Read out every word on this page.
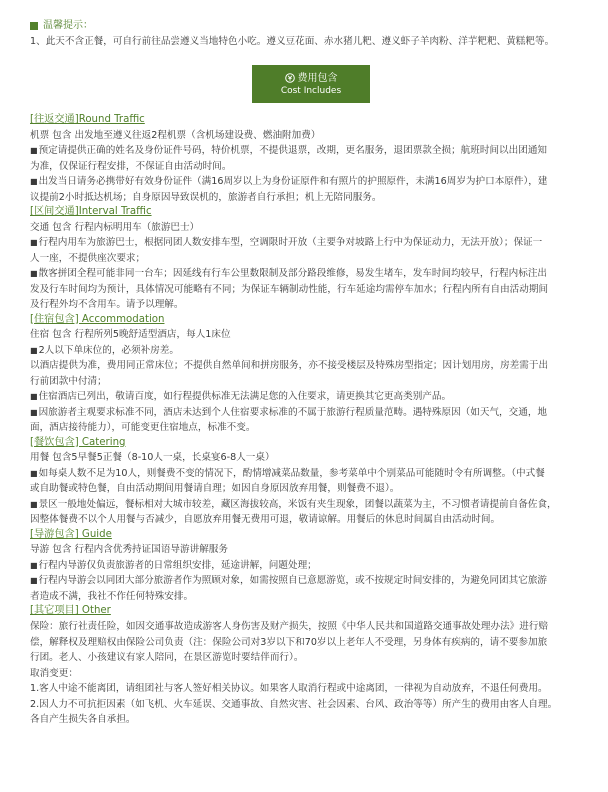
温馨提示：
1、此天不含正餐，可自行前往品尝遵义当地特色小吃。遵义豆花面、赤水猪儿粑、遵义虾子羊肉粉、洋芋粑粑、黄糕粑等。
费用包含
Cost Includes
[往返交通]Round Traffic

机票 包含 出发地至遵义往返2程机票（含机场建设费、燃油附加费）

■ 预定请提供正确的姓名及身份证件号码，特价机票，不提供退票，改期，更名服务，退团票款全损；航班时间以出团通知

为准，仅保证行程安排，不保证自由活动时间。

■ 出发当日请务必携带好有效身份证件（满16周岁以上为身份证原件和有照片的护照原件，未满16周岁为护口本原件），建

议提前2小时抵达机场；自身原因导致误机的，旅游者自行承担；机上无陪同服务。

[区间交通]Interval Traffic

交通 包含 行程内标明用车（旅游巴士）

■ 行程内用车为旅游巴士，根据同团人数安排车型，空调限时开放（主要争对坡路上行中为保证动力，无法开放）；保证一

人一座，不提供座次要求；

■ 散客拼团全程可能非同一台车；因延线有行车公里数限制及部分路段维修，易发生堵车，发车时间均较早，行程内标注出

发及行车时间均为预计，具体情况可能略有不同；为保证车辆制动性能，行车延途均需停车加水；行程内所有自由活动期间

及行程外均不含用车。请予以理解。

[住宿包含] Accommodation

住宿 包含 行程所列5晚舒适型酒店，每人1床位

■ 2人以下单床位的，必须补房差。

以酒店提供为准，费用同正常床位；不提供自然单间和拼房服务，亦不接受楼层及特殊房型指定；因计划用房，房差需于出

行前团款中付清；

■ 住宿酒店已列出，敬请百度，如行程提供标准无法满足您的入住要求，请更换其它更高类别产品。

■ 因旅游者主观要求标准不同，酒店未达到个人住宿要求标准的不属于旅游行程质量范畴。遇特殊原因（如天气，交通，地

面，酒店接待能力），可能变更住宿地点，标准不变。

[餐饮包含] Catering

用餐 包含5早餐5正餐（8-10人一桌，长桌宴6-8人一桌）

■ 如每桌人数不足为10人，则餐费不变的情况下，酌情增减菜品数量，参考菜单中个别菜品可能随时令有所调整。（中式餐

或自助餐或特色餐，自由活动期间用餐请自理；如因自身原因放弃用餐，则餐费不退）。

■ 景区一般地处偏远，餐标相对大城市较差，藏区海拔较高，米饭有夹生现象，团餐以蔬菜为主，不习惯者请提前自备佐食，

因整体餐费不以个人用餐与否减少，自愿放弃用餐无费用可退，敬请谅解。用餐后的休息时间属自由活动时间。

[导游包含] Guide

导游 包含 行程内含优秀持证国语导游讲解服务

■ 行程内导游仅负责旅游者的日常组织安排，延途讲解，问题处理；

■ 行程内导游会以同团大部分旅游者作为照顾对象，如需按照自已意愿游览，或不按规定时间安排的，为避免同团其它旅游

者造成不满，我社不作任何特殊安排。

[其它项目] Other

保险：旅行社责任险，如因交通事故造成游客人身伤害及财产损失，按照《中华人民共和国道路交通事故处理办法》进行赔

偿，解释权及理赔权由保险公司负责（注：保险公司对3岁以下和70岁以上老年人不受理，另身体有疾病的，请不要参加旅

行团。老人、小孩建议有家人陪同，在景区游览时要结伴而行）。

取消变更：

1.客人中途不能离团，请组团社与客人签好相关协议。如果客人取消行程或中途离团，一律视为自动放弃，不退任何费用。

2.因人力不可抗拒因素（如飞机、火车延误、交通事故、自然灾害、社会因素、台风、政治等等）所产生的费用由客人自理。

各自产生损失各自承担。
